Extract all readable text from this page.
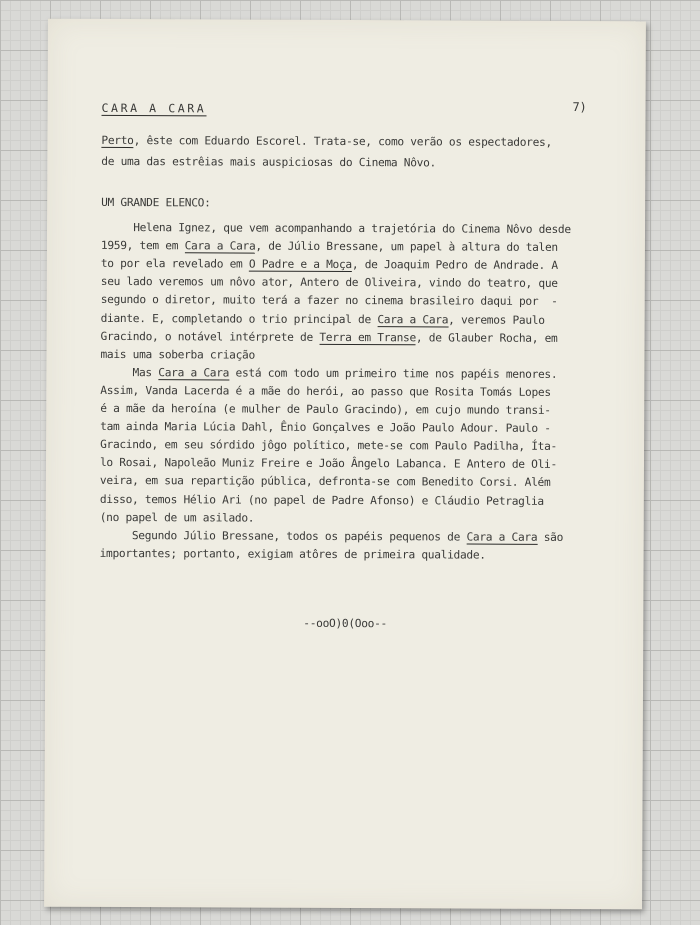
CARA A CARA	7)
Perto, êste com Eduardo Escorel. Trata-se, como verão os espectadores,
de uma das estrêias mais auspiciosas do Cinema Nôvo.
UM GRANDE ELENCO:
Helena Ignez, que vem acompanhando a trajetória do Cinema Nôvo desde
1959, tem em Cara a Cara, de Júlio Bressane, um papel à altura do talen
to por ela revelado em O Padre e a Moça, de Joaquim Pedro de Andrade. A
seu lado veremos um nôvo ator, Antero de Oliveira, vindo do teatro, que
segundo o diretor, muito terá a fazer no cinema brasileiro daqui por  -
diante. E, completando o trio principal de Cara a Cara, veremos Paulo
Gracindo, o notável intérprete de Terra em Transe, de Glauber Rocha, em
mais uma soberba criação
Mas Cara a Cara está com todo um primeiro time nos papéis menores.
Assim, Vanda Lacerda é a mãe do herói, ao passo que Rosita Tomás Lopes
é a mãe da heroína (e mulher de Paulo Gracindo), em cujo mundo transi-
tam ainda Maria Lúcia Dahl, Ênio Gonçalves e João Paulo Adour. Paulo -
Gracindo, em seu sórdido jôgo político, mete-se com Paulo Padilha, Íta-
lo Rosai, Napoleão Muniz Freire e João Ângelo Labanca. E Antero de Oli-
veira, em sua repartição pública, defronta-se com Benedito Corsi. Além
disso, temos Hélio Ari (no papel de Padre Afonso) e Cláudio Petraglia
(no papel de um asilado.
Segundo Júlio Bressane, todos os papéis pequenos de Cara a Cara são
importantes; portanto, exigiam atôres de primeira qualidade.
--ooO)0(Ooo--
